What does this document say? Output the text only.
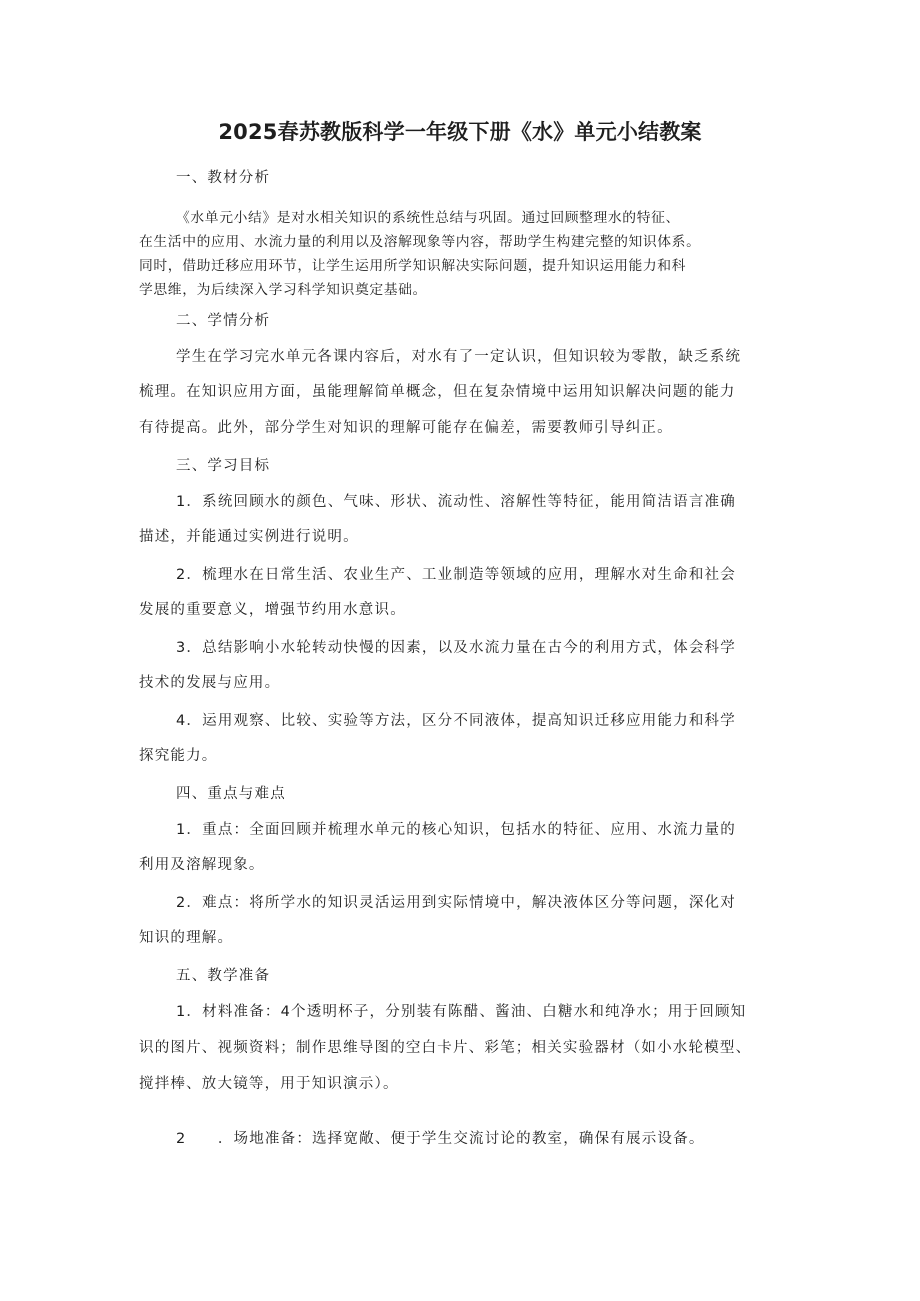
2025春苏教版科学一年级下册《水》单元小结教案
一、教材分析
《水单元小结》是对水相关知识的系统性总结与巩固。通过回顾整理水的特征、
在生活中的应用、水流力量的利用以及溶解现象等内容，帮助学生构建完整的知识体系。
同时，借助迁移应用环节，让学生运用所学知识解决实际问题，提升知识运用能力和科
学思维，为后续深入学习科学知识奠定基础。
二、学情分析
学生在学习完水单元各课内容后，对水有了一定认识，但知识较为零散，缺乏系统
梳理。在知识应用方面，虽能理解简单概念，但在复杂情境中运用知识解决问题的能力
有待提高。此外，部分学生对知识的理解可能存在偏差，需要教师引导纠正。
三、学习目标
1．系统回顾水的颜色、气味、形状、流动性、溶解性等特征，能用简洁语言准确
描述，并能通过实例进行说明。
2．梳理水在日常生活、农业生产、工业制造等领域的应用，理解水对生命和社会
发展的重要意义，增强节约用水意识。
3．总结影响小水轮转动快慢的因素，以及水流力量在古今的利用方式，体会科学
技术的发展与应用。
4．运用观察、比较、实验等方法，区分不同液体，提高知识迁移应用能力和科学
探究能力。
四、重点与难点
1．重点：全面回顾并梳理水单元的核心知识，包括水的特征、应用、水流力量的
利用及溶解现象。
2．难点：将所学水的知识灵活运用到实际情境中，解决液体区分等问题，深化对
知识的理解。
五、教学准备
1．材料准备：4个透明杯子，分别装有陈醋、酱油、白糖水和纯净水；用于回顾知
识的图片、视频资料；制作思维导图的空白卡片、彩笔；相关实验器材（如小水轮模型、
搅拌棒、放大镜等，用于知识演示）。
2　　．场地准备：选择宽敞、便于学生交流讨论的教室，确保有展示设备。
